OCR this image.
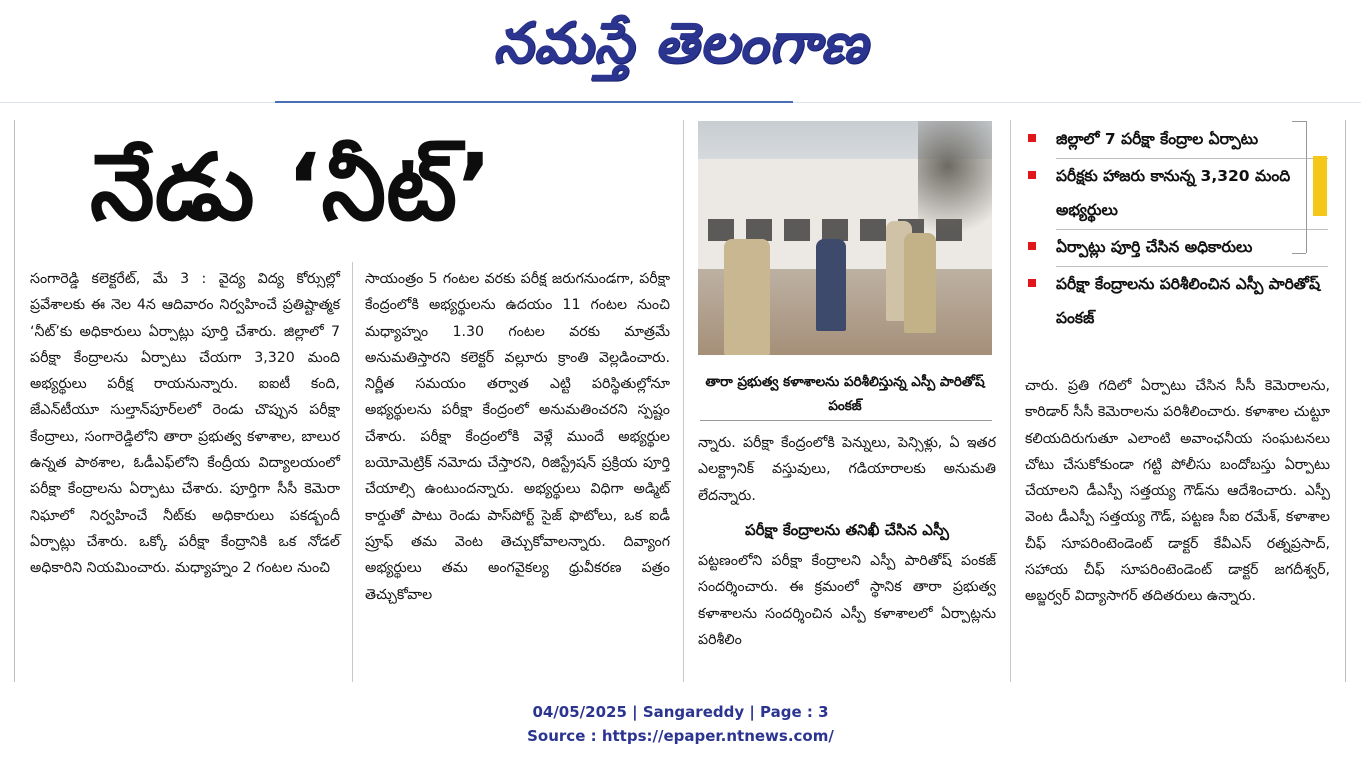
నమస్తే తెలంగాణ
నేడు ‘నీట్’

సంగారెడ్డి కలెక్టరేట్, మే 3 : వైద్య విద్య కోర్సుల్లో ప్రవేశాలకు ఈ నెల 4న ఆదివారం నిర్వహించే ప్రతిష్టాత్మక ‘నీట్’కు అధికారులు ఏర్పాట్లు పూర్తి చేశారు. జిల్లాలో 7 పరీక్షా కేంద్రాలను ఏర్పాటు చేయగా 3,320 మంది అభ్యర్థులు పరీక్ష రాయనున్నారు. ఐఐటీ కంది, జేఎన్‌టీయూ సుల్తాన్‌పూర్‌లలో రెండు చొప్పున పరీక్షా కేంద్రాలు, సంగారెడ్డిలోని తారా ప్రభుత్వ కళాశాల, బాలుర ఉన్నత పాఠశాల, ఓడీఎఫ్‌లోని కేంద్రీయ విద్యాలయంలో పరీక్షా కేంద్రాలను ఏర్పాటు చేశారు. పూర్తిగా సీసీ కెమెరా నిఘాలో నిర్వహించే నీట్‌కు అధికారులు పకడ్బందీ ఏర్పాట్లు చేశారు. ఒక్కో పరీక్షా కేంద్రానికి ఒక నోడల్ అధికారిని నియమించారు. మధ్యాహ్నం 2 గంటల నుంచి

సాయంత్రం 5 గంటల వరకు పరీక్ష జరుగనుండగా, పరీక్షా కేంద్రంలోకి అభ్యర్థులను ఉదయం 11 గంటల నుంచి మధ్యాహ్నం 1.30 గంటల వరకు మాత్రమే అనుమతిస్తారని కలెక్టర్ వల్లూరు క్రాంతి వెల్లడించారు. నిర్ణీత సమయం తర్వాత ఎట్టి పరిస్థితుల్లోనూ అభ్యర్థులను పరీక్షా కేంద్రంలో అనుమతించరని స్పష్టం చేశారు. పరీక్షా కేంద్రంలోకి వెళ్లే ముందే అభ్యర్థుల బయోమెట్రిక్ నమోదు చేస్తారని, రిజిస్ట్రేషన్ ప్రక్రియ పూర్తి చేయాల్సి ఉంటుందన్నారు. అభ్యర్థులు విధిగా అడ్మిట్ కార్డుతో పాటు రెండు పాస్‌పోర్ట్ సైజ్ ఫొటోలు, ఒక ఐడీ ప్రూఫ్ తమ వెంట తెచ్చుకోవాలన్నారు. దివ్యాంగ అభ్యర్థులు తమ అంగవైకల్య ధ్రువీకరణ పత్రం తెచ్చుకోవాల

తారా ప్రభుత్వ కళాశాలను పరిశీలిస్తున్న ఎస్పీ పారితోష్ పంకజ్

న్నారు. పరీక్షా కేంద్రంలోకి పెన్నులు, పెన్సిళ్లు, ఏ ఇతర ఎలక్ట్రానిక్ వస్తువులు, గడియారాలకు అనుమతి లేదన్నారు.

పరీక్షా కేంద్రాలను తనిఖీ చేసిన ఎస్పీ

పట్టణంలోని పరీక్షా కేంద్రాలని ఎస్పీ పారితోష్ పంకజ్ సందర్శించారు. ఈ క్రమంలో స్థానిక తారా ప్రభుత్వ కళాశాలను సందర్శించిన ఎస్పీ కళాశాలలో ఏర్పాట్లను పరిశీలిం

జిల్లాలో 7 పరీక్షా కేంద్రాల ఏర్పాటు
పరీక్షకు హాజరు కానున్న 3,320 మంది అభ్యర్థులు
ఏర్పాట్లు పూర్తి చేసిన అధికారులు
పరీక్షా కేంద్రాలను పరిశీలించిన ఎస్పీ పారితోష్ పంకజ్

చారు. ప్రతి గదిలో ఏర్పాటు చేసిన సీసీ కెమెరాలను, కారిడార్ సీసీ కెమెరాలను పరిశీలించారు. కళాశాల చుట్టూ కలియదిరుగుతూ ఎలాంటి అవాంఛనీయ సంఘటనలు చోటు చేసుకోకుండా గట్టి పోలీసు బందోబస్తు ఏర్పాటు చేయాలని డీఎస్పీ సత్తయ్య గౌడ్‌ను ఆదేశించారు. ఎస్పీ వెంట డీఎస్పీ సత్తయ్య గౌడ్, పట్టణ సీఐ రమేశ్, కళాశాల చీఫ్ సూపరింటెండెంట్ డాక్టర్ కేవీఎస్ రత్నప్రసాద్, సహాయ చీఫ్ సూపరింటెండెంట్ డాక్టర్ జగదీశ్వర్, అబ్జర్వర్ విద్యాసాగర్ తదితరులు ఉన్నారు.

04/05/2025 | Sangareddy | Page : 3
Source : https://epaper.ntnews.com/
